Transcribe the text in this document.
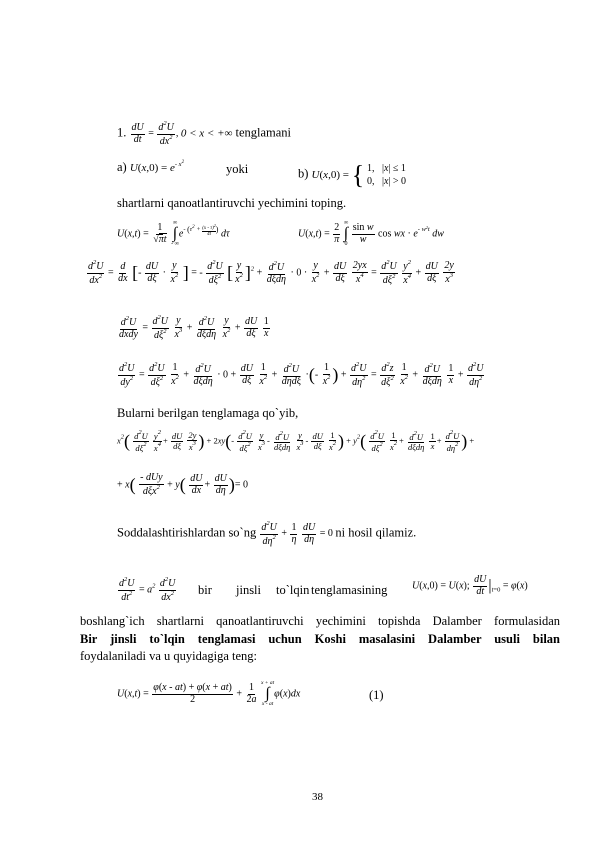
1. $\frac{dU}{dt} = \frac{d^2U}{dx^2}$ , 0 < x < +∞ tenglamani
a) $U(x,0) = e^{- x^2}$	yoki	b) U(x,0) = { 1, |x| ≤ 1
0, |x| > 0
shartlarni qanoatlantiruvchi yechimini toping.
$U(x,t) = \frac{1}{√\pi t}$
∞
∫
- ∞
$e^{- (\tau^2 + \frac{(x - \tau)^2}{4t} )}$ dτ	$U(x,t) = \frac{2}{\pi}$
∞
∫
0
$\frac{\text{sin w}}{w}$ cos wx · $e^{- w^2t}$ dw
$\frac{d^2U}{dx^2} = \frac{d}{dx}$ [- $\frac{dU}{d\xi} \cdot \frac{y}{x^2}$ ] = - $\frac{d^2U}{d\xi^2}$ [ $\frac{y}{x^2} ]^2 + \frac{d^2U}{\text{dξdη}} \cdot 0 \cdot \frac{y}{x^2} + \frac{dU}{d\xi}$
$\frac{2yx}{x^4} = \frac{d^2U}{d\xi^2}$
$\frac{y^2}{x^4} + \frac{dU}{d\xi}$
$\frac{2y}{x^3}$
$\frac{d^2U}{\text{dxdy}} = \frac{d^2U}{d\xi^2}$
$\frac{y}{x^3} + \frac{d^2U}{\text{dξdη}}$
$\frac{y}{x^2} + \frac{dU}{d\xi}$
$\frac{1}{x}$
$\frac{d^2U}{dy^2} = \frac{d^2U}{d\xi^2}$
$\frac{1}{x^2} + \frac{d^2U}{\text{dξdη}} \cdot 0 + \frac{dU}{d\xi}$
$\frac{1}{x^2} + \frac{d^2U}{\text{dηdξ}}$ ·(- $\frac{1}{x^2}$ ) + $\frac{d^2U}{d\eta^2} = \frac{d^2z}{d\xi^2}$
$\frac{1}{x^2} + \frac{d^2U}{\text{dξdη}}$
$\frac{1}{x} + \frac{d^2U}{d\eta^2}$
Bularni berilgan tenglamaga qo`yib,
$x^2( \frac{d^2U}{d\xi^2}$
$\frac{y^2}{x^4} + \frac{dU}{d\xi}$
$\frac{2y}{x^3}$ ) + $2xy(- \frac{d^2U}{d\xi^2}$
$\frac{y}{x^3} - \frac{d^2U}{\text{dξdη}}$
$\frac{y}{x^3} - \frac{dU}{d\xi}$
$\frac{1}{x^2}$ ) + $y^2( \frac{d^2U}{d\xi^2}$
$\frac{1}{x^2} + \frac{d^2U}{\text{dξdη}}$
$\frac{1}{x} + \frac{d^2U}{d\eta^2}$ ) +
+ $x( \frac{\text{- dUy}}{d\xi x^2} + y( \frac{dU}{dx} + \frac{dU}{d\eta}$ )= 0
Soddalashtirishlardan so`ng $\frac{d^2U}{d\eta^2} + \frac{1}{\eta}$
$\frac{dU}{d\eta} = 0$ ni hosil qilamiz.
$\frac{d^2U}{dt^2} = a^2 \frac{d^2U}{dx^2}$ bir jinsli to`lqin tenglamasining U(x,0) = U(x); $\frac{dU}{dt} |_{t=0} = \varphi(x)$
boshlang`ich shartlarni qanoatlantiruvchi yechimini topishda Dalamber formulasidan
Bir jinsli to`lqin tenglamasi uchun Koshi masalasini Dalamber usuli bilan
foydalaniladi va u quyidagiga teng:
$U(x,t) = \frac{\varphi(x - at) + \varphi(x + at)}{2} + \frac{1}{2a}$
x + at
∫
x - at
φ(x)dx	(1)
38
